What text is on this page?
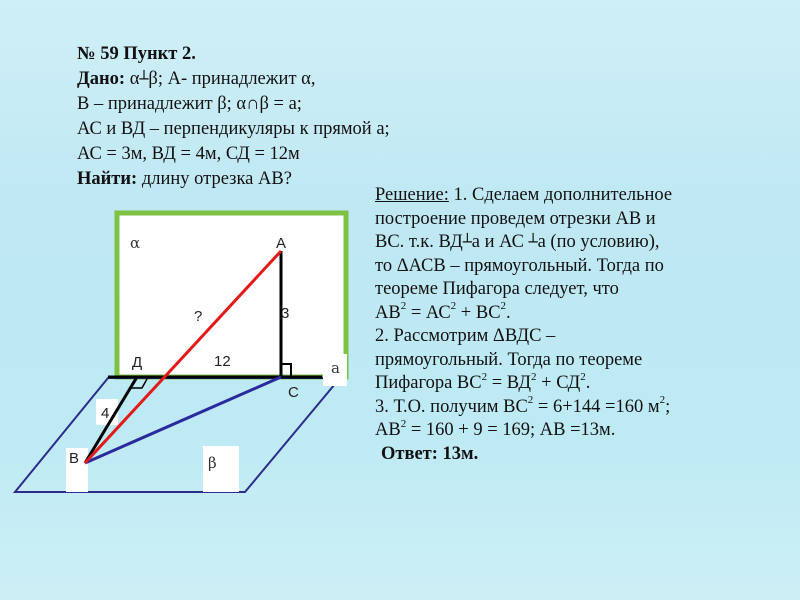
№ 59 Пункт 2.
Дано: α┴β; А- принадлежит α,
В – принадлежит β; α∩β = а;
АС и ВД – перпендикуляры к прямой а;
АС = 3м, ВД = 4м, СД = 12м
Найти: длину отрезка АВ?
Решение: 1. Сделаем дополнительное
построение проведем отрезки АВ и
ВС. т.к. ВД┴а и АС ┴а (по условию),
то ΔАСВ – прямоугольный. Тогда по
теореме Пифагора следует, что
$АВ^2 = АС^2 + ВС^2$.
2. Рассмотрим ΔВДС –
прямоугольный. Тогда по теореме
Пифагора $ВС^2 = ВД^2 + СД^2$.
3. Т.О. получим $ВС^2 = 6+144 =160$ $м^2$;
$АВ^2 = 160 + 9 = 169$; АВ =13м.
Ответ: 13м.
α	А
3
?
Д	12	а
С
4
В	β
